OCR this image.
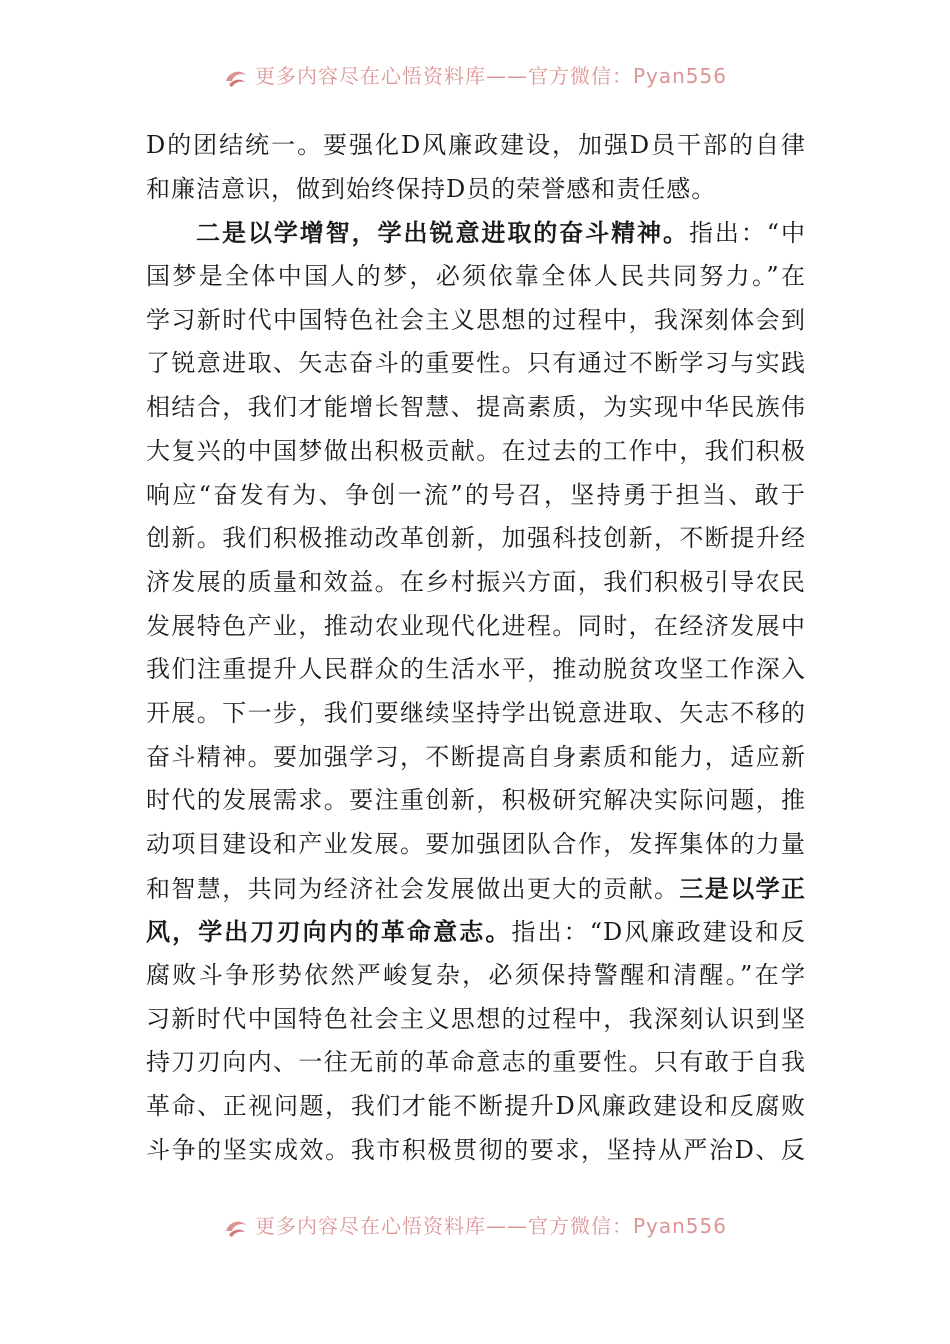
更多内容尽在心悟资料库——官方微信：Pyan556
D的团结统一。要强化D风廉政建设，加强D员干部的自律
和廉洁意识，做到始终保持D员的荣誉感和责任感。
二是以学增智，学出锐意进取的奋斗精神。指出：“中
国梦是全体中国人的梦，必须依靠全体人民共同努力。”在
学习新时代中国特色社会主义思想的过程中，我深刻体会到
了锐意进取、矢志奋斗的重要性。只有通过不断学习与实践
相结合，我们才能增长智慧、提高素质，为实现中华民族伟
大复兴的中国梦做出积极贡献。在过去的工作中，我们积极
响应“奋发有为、争创一流”的号召，坚持勇于担当、敢于
创新。我们积极推动改革创新，加强科技创新，不断提升经
济发展的质量和效益。在乡村振兴方面，我们积极引导农民
发展特色产业，推动农业现代化进程。同时，在经济发展中
我们注重提升人民群众的生活水平，推动脱贫攻坚工作深入
开展。下一步，我们要继续坚持学出锐意进取、矢志不移的
奋斗精神。要加强学习，不断提高自身素质和能力，适应新
时代的发展需求。要注重创新，积极研究解决实际问题，推
动项目建设和产业发展。要加强团队合作，发挥集体的力量
和智慧，共同为经济社会发展做出更大的贡献。三是以学正
风，学出刀刃向内的革命意志。指出：“D风廉政建设和反
腐败斗争形势依然严峻复杂，必须保持警醒和清醒。”在学
习新时代中国特色社会主义思想的过程中，我深刻认识到坚
持刀刃向内、一往无前的革命意志的重要性。只有敢于自我
革命、正视问题，我们才能不断提升D风廉政建设和反腐败
斗争的坚实成效。我市积极贯彻的要求，坚持从严治D、反
更多内容尽在心悟资料库——官方微信：Pyan556
